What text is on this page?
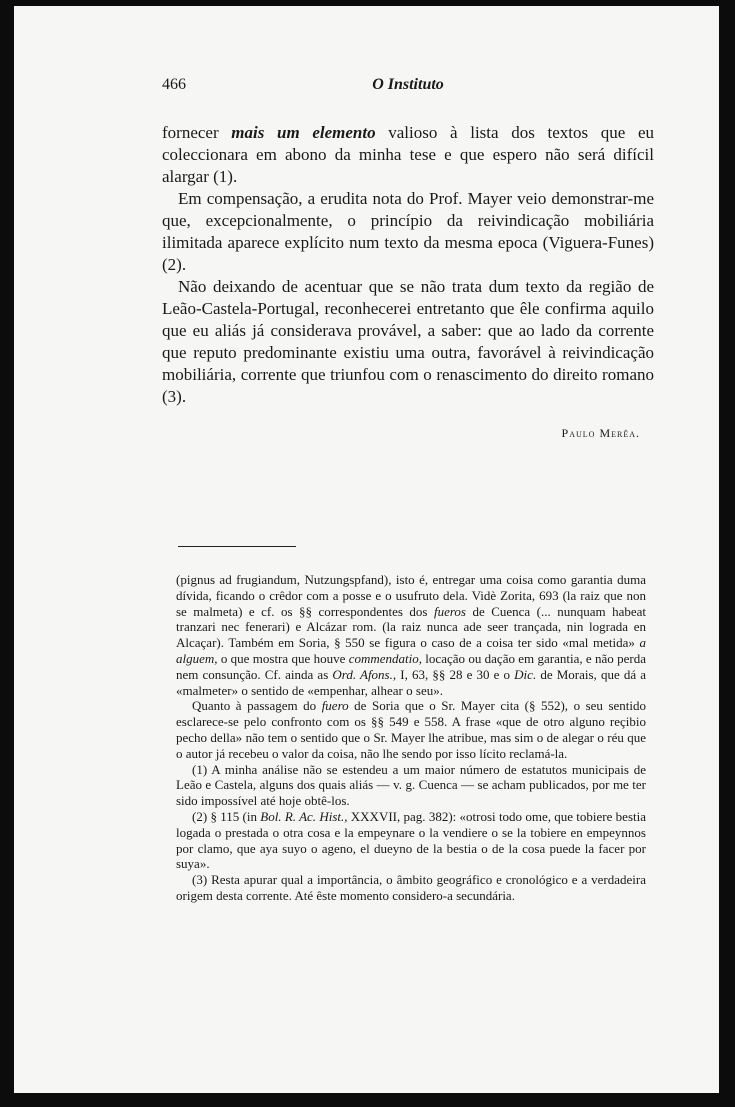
466	O Instituto

fornecer mais um elemento valioso à lista dos textos que eu coleccionara em abono da minha tese e que espero não será difícil alargar (1).

Em compensação, a erudita nota do Prof. Mayer veio demonstrar-me que, excepcionalmente, o princípio da reivindicação mobiliária ilimitada aparece explícito num texto da mesma epoca (Viguera-Funes) (2).

Não deixando de acentuar que se não trata dum texto da região de Leão-Castela-Portugal, reconhecerei entretanto que êle confirma aquilo que eu aliás já considerava provável, a saber: que ao lado da corrente que reputo predominante existiu uma outra, favorável à reivindicação mobiliária, corrente que triunfou com o renascimento do direito romano (3).

Paulo Merêa.

(pignus ad frugiandum, Nutzungspfand), isto é, entregar uma coisa como garantia duma dívida, ficando o crêdor com a posse e o usufruto dela. Vidè Zorita, 693 (la raiz que non se malmeta) e cf. os §§ correspondentes dos fueros de Cuenca (... nunquam habeat tranzari nec fenerari) e Alcázar rom. (la raiz nunca ade seer trançada, nin lograda en Alcaçar). Também em Soria, § 550 se figura o caso de a coisa ter sido «mal metida» a alguem, o que mostra que houve commendatio, locação ou dação em garantia, e não perda nem consunção. Cf. ainda as Ord. Afons., I, 63, §§ 28 e 30 e o Dic. de Morais, que dá a «malmeter» o sentido de «empenhar, alhear o seu».

Quanto à passagem do fuero de Soria que o Sr. Mayer cita (§ 552), o seu sentido esclarece-se pelo confronto com os §§ 549 e 558. A frase «que de otro alguno reçibio pecho della» não tem o sentido que o Sr. Mayer lhe atribue, mas sim o de alegar o réu que o autor já recebeu o valor da coisa, não lhe sendo por isso lícito reclamá-la.

(1) A minha análise não se estendeu a um maior número de estatutos municipais de Leão e Castela, alguns dos quais aliás — v. g. Cuenca — se acham publicados, por me ter sido impossível até hoje obtê-los.

(2) § 115 (in Bol. R. Ac. Hist., XXXVII, pag. 382): «otrosi todo ome, que tobiere bestia logada o prestada o otra cosa e la empeynare o la vendiere o se la tobiere en empeynnos por clamo, que aya suyo o ageno, el dueyno de la bestia o de la cosa puede la facer por suya».

(3) Resta apurar qual a importância, o âmbito geográfico e cronológico e a verdadeira origem desta corrente. Até êste momento considero-a secundária.
